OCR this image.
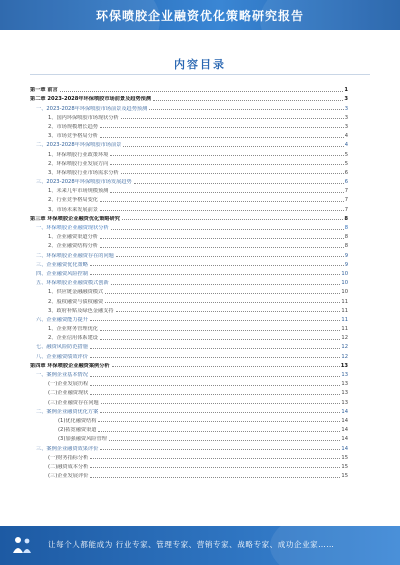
环保喷胶企业融资优化策略研究报告
内容目录
第一章 前言	1
第二章 2023-2028年环保喷胶市场前景及趋势预测	3
一、2023-2028年环保喷胶市场前景及趋势预测	3
1、国内环保喷胶市场现状分析	3
2、市场规模增长趋势	3
3、市场竞争格局分析	4
二、2023-2028年环保喷胶市场前景	4
1、环保喷胶行业政策环境	5
2、环保喷胶行业发展方向	5
3、环保喷胶行业市场需求分析	6
三、2023-2028年环保喷胶市场发展趋势	6
1、未来几年市场规模预测	7
2、行业竞争格局变化	7
3、市场未来发展前景	7
第三章 环保喷胶企业融资优化策略研究	8
一、环保喷胶企业融资现状分析	8
1、企业融资渠道分析	8
2、企业融资结构分析	8
二、环保喷胶企业融资存在的问题	9
三、企业融资优化策略	9
四、企业融资风险控制	10
五、环保喷胶企业融资模式创新	10
1、供应链金融融资模式	10
2、股权融资与债权融资	11
3、政府补贴及绿色金融支持	11
六、企业融资能力提升	11
1、企业财务管理优化	11
2、企业信用体系建设	12
七、融资风险防范措施	12
八、企业融资绩效评价	12
第四章 环保喷胶企业融资案例分析	13
一、案例企业基本情况	13
(一)企业发展历程	13
(二)企业融资现状	13
(三)企业融资存在问题	13
二、案例企业融资优化方案	14
(1)优化融资结构	14
(2)拓宽融资渠道	14
(3)加强融资风险管理	14
三、案例企业融资效果评价	14
(一)财务指标分析	15
(二)融资成本分析	15
(三)企业发展评价	15
让每个人都能成为 行业专家、管理专家、营销专家、战略专家、成功企业家……
